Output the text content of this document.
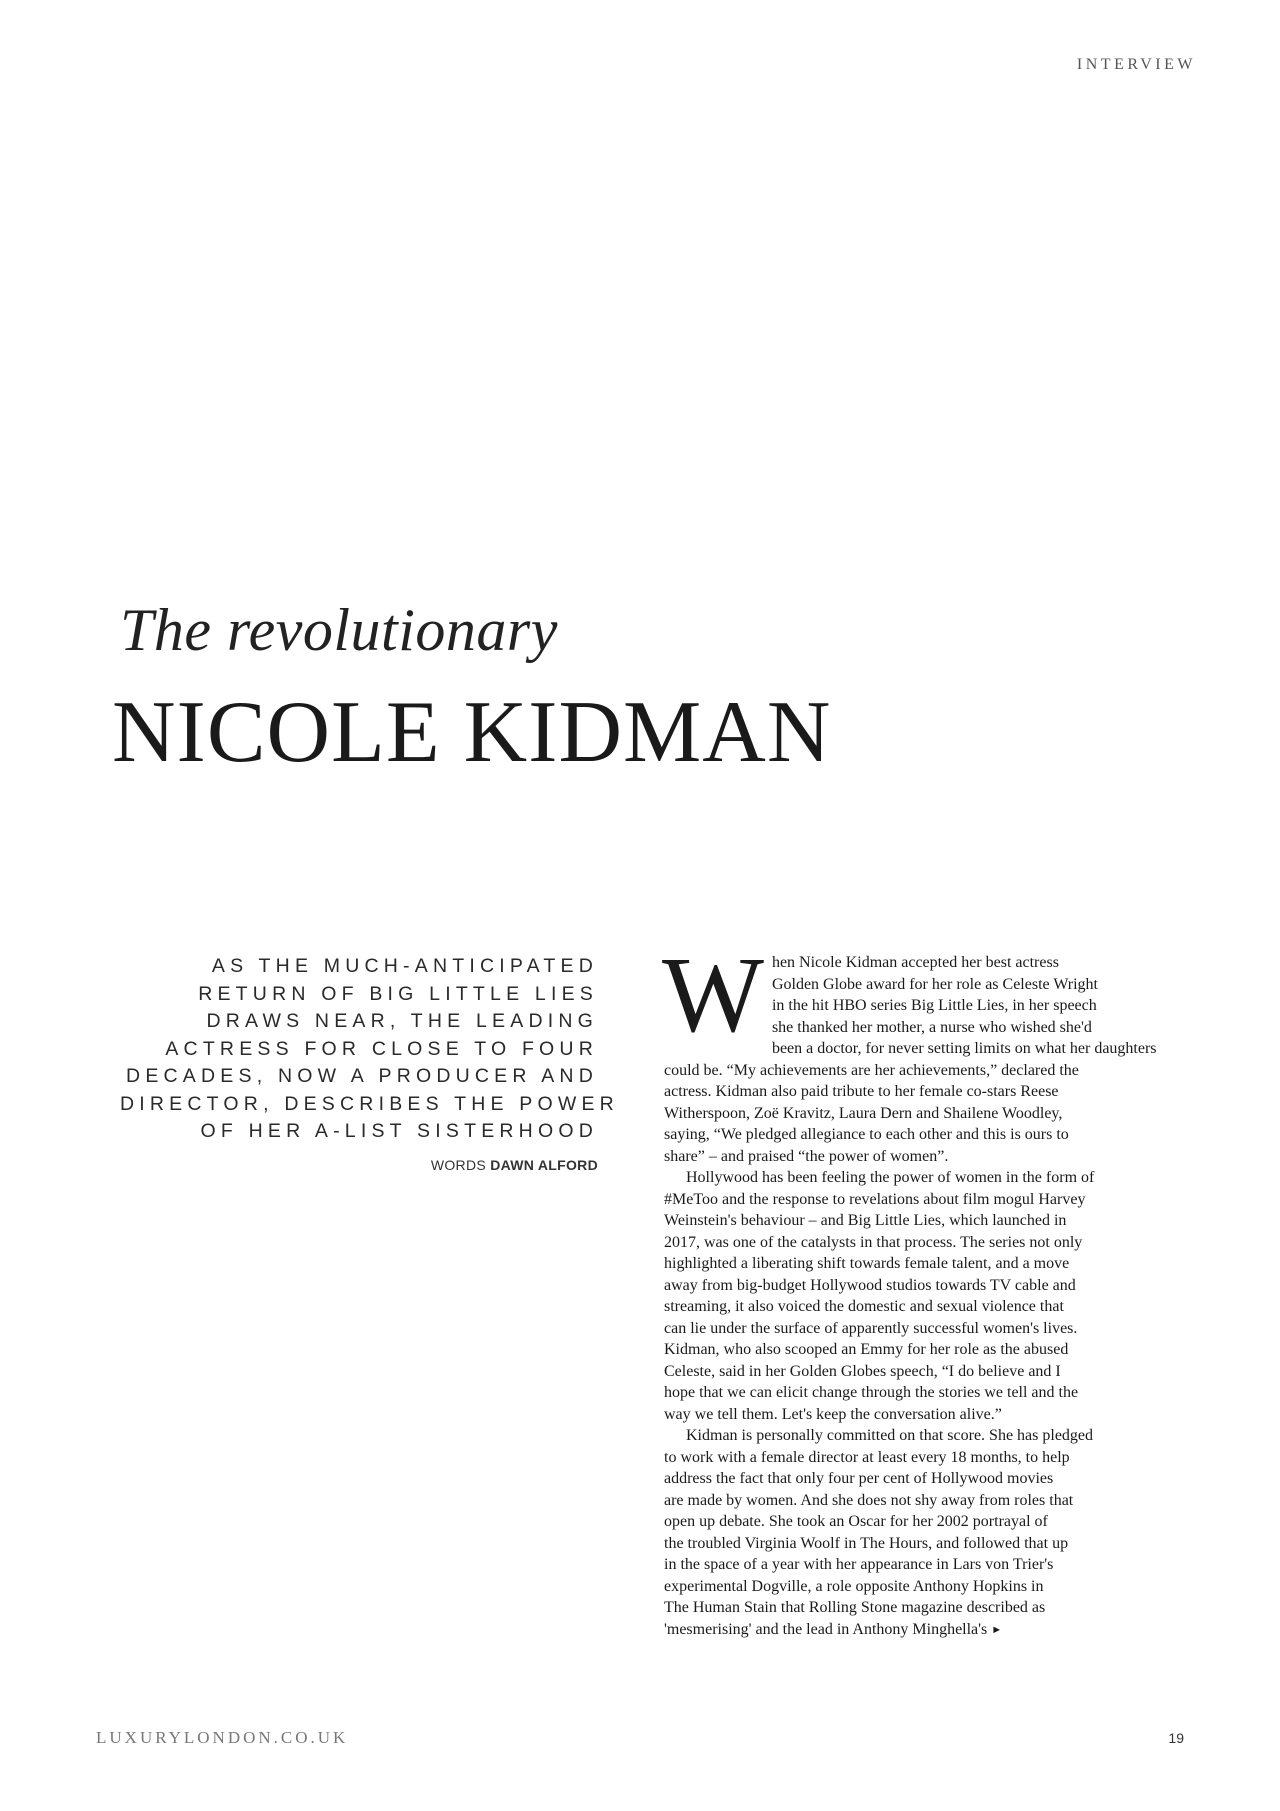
INTERVIEW
The revolutionary
NICOLE KIDMAN
AS THE MUCH-ANTICIPATED
RETURN OF BIG LITTLE LIES
DRAWS NEAR, THE LEADING
ACTRESS FOR CLOSE TO FOUR
DECADES, NOW A PRODUCER AND
DIRECTOR, DESCRIBES THE POWER
OF HER A-LIST SISTERHOOD
WORDS DAWN ALFORD
W hen Nicole Kidman accepted her best actress
Golden Globe award for her role as Celeste Wright
in the hit HBO series Big Little Lies, in her speech
she thanked her mother, a nurse who wished she'd
been a doctor, for never setting limits on what her daughters
could be. “My achievements are her achievements,” declared the
actress. Kidman also paid tribute to her female co-stars Reese
Witherspoon, Zoë Kravitz, Laura Dern and Shailene Woodley,
saying, “We pledged allegiance to each other and this is ours to
share” – and praised “the power of women”.
Hollywood has been feeling the power of women in the form of
#MeToo and the response to revelations about film mogul Harvey
Weinstein's behaviour – and Big Little Lies, which launched in
2017, was one of the catalysts in that process. The series not only
highlighted a liberating shift towards female talent, and a move
away from big-budget Hollywood studios towards TV cable and
streaming, it also voiced the domestic and sexual violence that
can lie under the surface of apparently successful women's lives.
Kidman, who also scooped an Emmy for her role as the abused
Celeste, said in her Golden Globes speech, “I do believe and I
hope that we can elicit change through the stories we tell and the
way we tell them. Let's keep the conversation alive.”
Kidman is personally committed on that score. She has pledged
to work with a female director at least every 18 months, to help
address the fact that only four per cent of Hollywood movies
are made by women. And she does not shy away from roles that
open up debate. She took an Oscar for her 2002 portrayal of
the troubled Virginia Woolf in The Hours, and followed that up
in the space of a year with her appearance in Lars von Trier's
experimental Dogville, a role opposite Anthony Hopkins in
The Human Stain that Rolling Stone magazine described as
'mesmerising' and the lead in Anthony Minghella's ►
LUXURYLONDON.CO.UK	19
